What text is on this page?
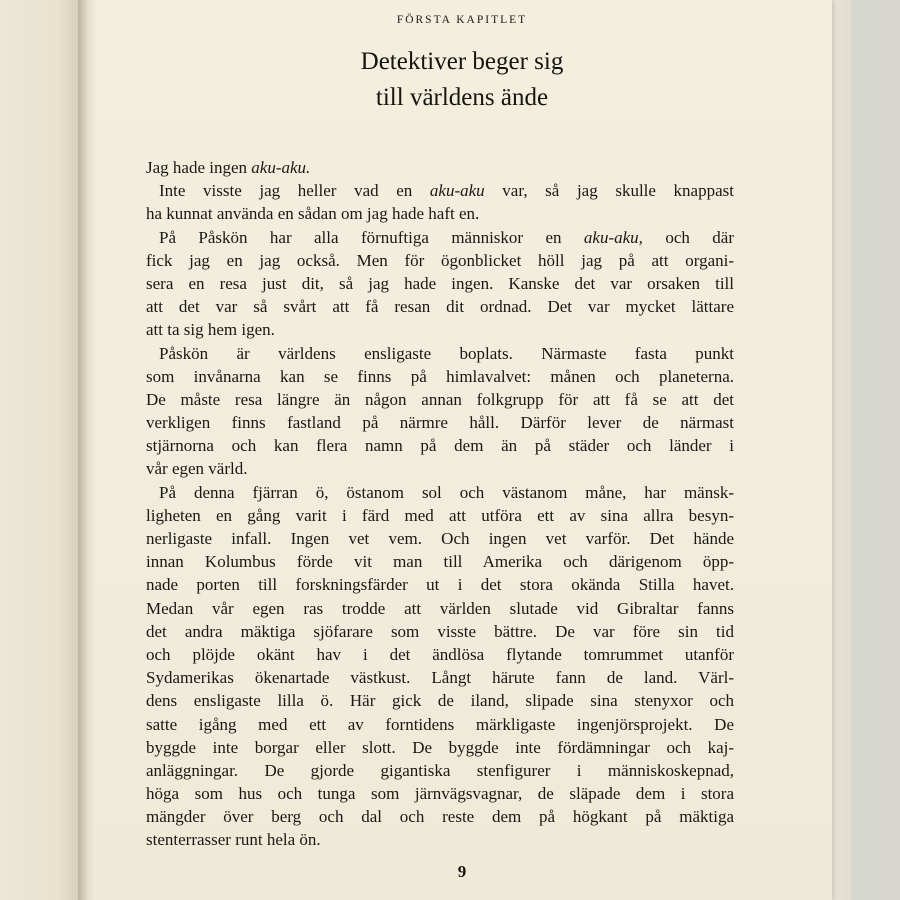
FÖRSTA KAPITLET
Detektiver beger sig
till världens ände
Jag hade ingen aku-aku.
Inte visste jag heller vad en aku-aku var, så jag skulle knappast
ha kunnat använda en sådan om jag hade haft en.
På Påskön har alla förnuftiga människor en aku-aku, och där
fick jag en jag också. Men för ögonblicket höll jag på att organi-
sera en resa just dit, så jag hade ingen. Kanske det var orsaken till
att det var så svårt att få resan dit ordnad. Det var mycket lättare
att ta sig hem igen.
Påskön är världens ensligaste boplats. Närmaste fasta punkt
som invånarna kan se finns på himlavalvet: månen och planeterna.
De måste resa längre än någon annan folkgrupp för att få se att det
verkligen finns fastland på närmre håll. Därför lever de närmast
stjärnorna och kan flera namn på dem än på städer och länder i
vår egen värld.
På denna fjärran ö, östanom sol och västanom måne, har mänsk-
ligheten en gång varit i färd med att utföra ett av sina allra besyn-
nerligaste infall. Ingen vet vem. Och ingen vet varför. Det hände
innan Kolumbus förde vit man till Amerika och därigenom öpp-
nade porten till forskningsfärder ut i det stora okända Stilla havet.
Medan vår egen ras trodde att världen slutade vid Gibraltar fanns
det andra mäktiga sjöfarare som visste bättre. De var före sin tid
och plöjde okänt hav i det ändlösa flytande tomrummet utanför
Sydamerikas ökenartade västkust. Långt härute fann de land. Värl-
dens ensligaste lilla ö. Här gick de iland, slipade sina stenyxor och
satte igång med ett av forntidens märkligaste ingenjörsprojekt. De
byggde inte borgar eller slott. De byggde inte fördämningar och kaj-
anläggningar. De gjorde gigantiska stenfigurer i människoskepnad,
höga som hus och tunga som järnvägsvagnar, de släpade dem i stora
mängder över berg och dal och reste dem på högkant på mäktiga
stenterrasser runt hela ön.
9
